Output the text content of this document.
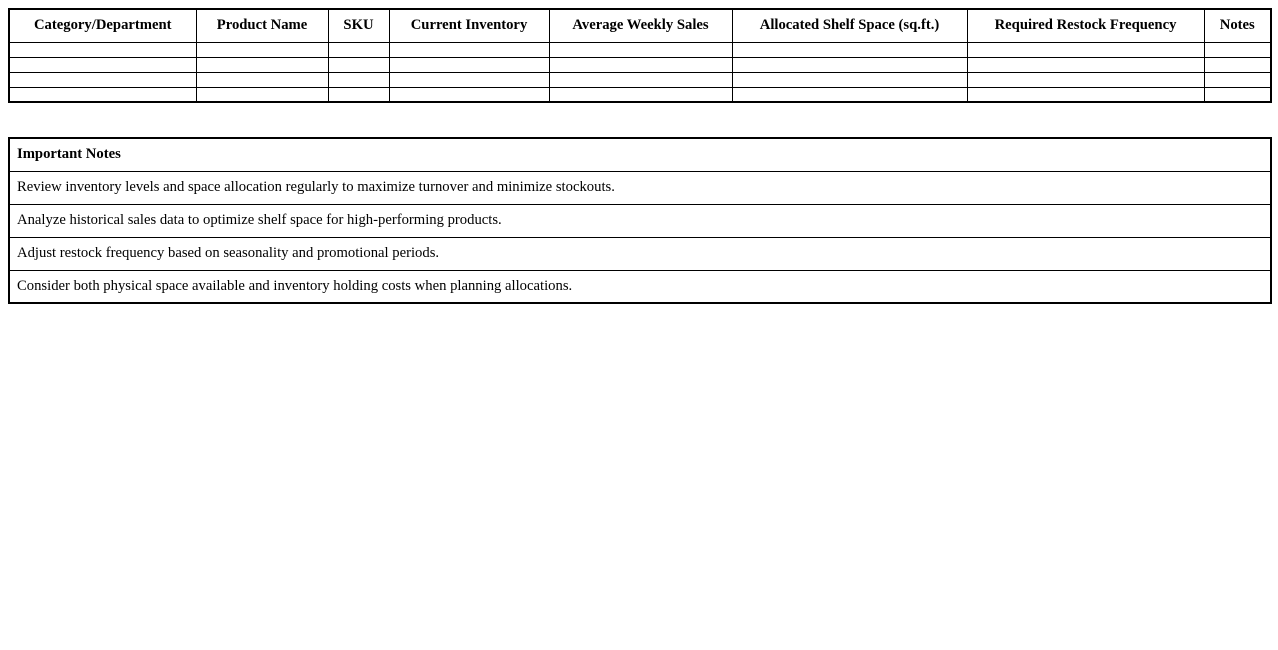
Category/Department	Product Name	SKU	Current Inventory	Average Weekly Sales	Allocated Shelf Space (sq.ft.)	Required Restock Frequency	Notes

Important Notes
Review inventory levels and space allocation regularly to maximize turnover and minimize stockouts.
Analyze historical sales data to optimize shelf space for high-performing products.
Adjust restock frequency based on seasonality and promotional periods.
Consider both physical space available and inventory holding costs when planning allocations.
